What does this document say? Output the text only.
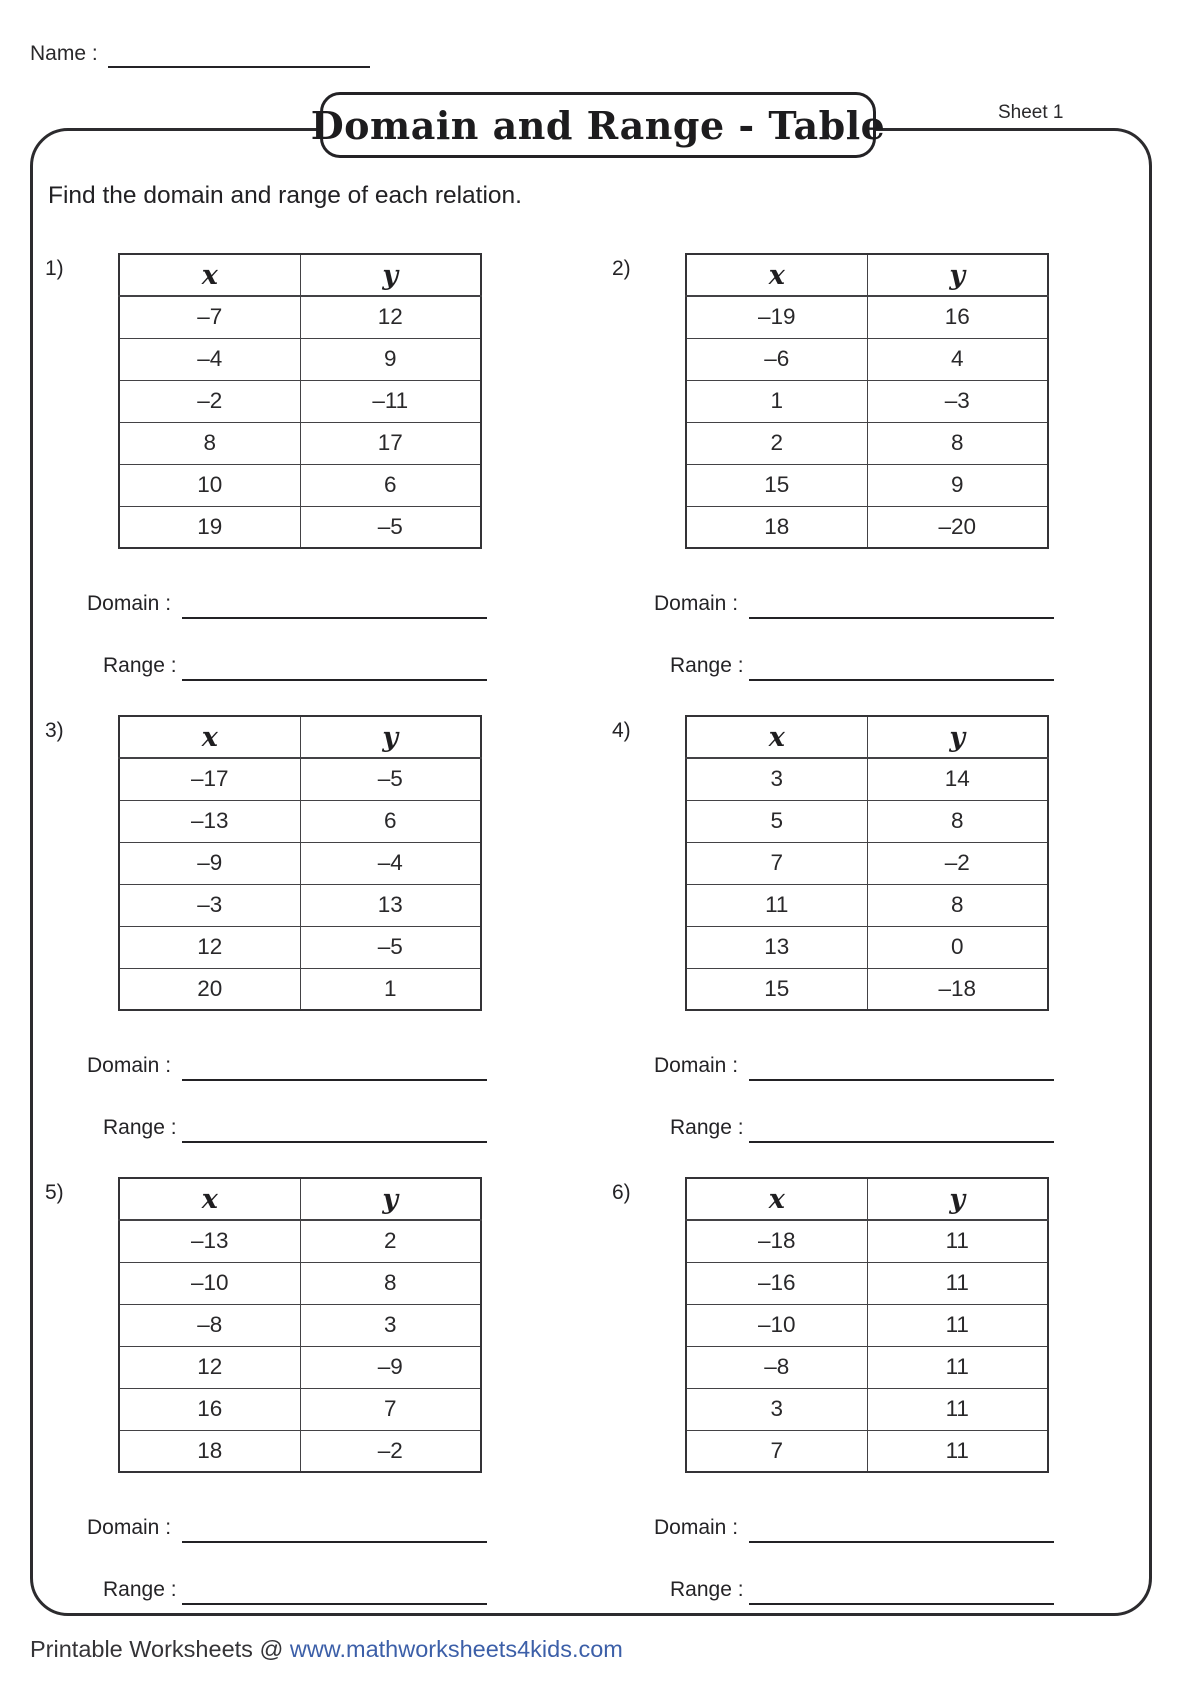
Name :
Domain and Range - Table	Sheet 1
Find the domain and range of each relation.
1)	x	y
–7	12
–4	9
–2	–11
8	17
10	6
19	–5
Domain :
Range :
2)	x	y
–19	16
–6	4
1	–3
2	8
15	9
18	–20
Domain :
Range :
3)	x	y
–17	–5
–13	6
–9	–4
–3	13
12	–5
20	1
Domain :
Range :
4)	x	y
3	14
5	8
7	–2
11	8
13	0
15	–18
Domain :
Range :
5)	x	y
–13	2
–10	8
–8	3
12	–9
16	7
18	–2
Domain :
Range :
6)	x	y
–18	11
–16	11
–10	11
–8	11
3	11
7	11
Domain :
Range :
Printable Worksheets @ www.mathworksheets4kids.com
